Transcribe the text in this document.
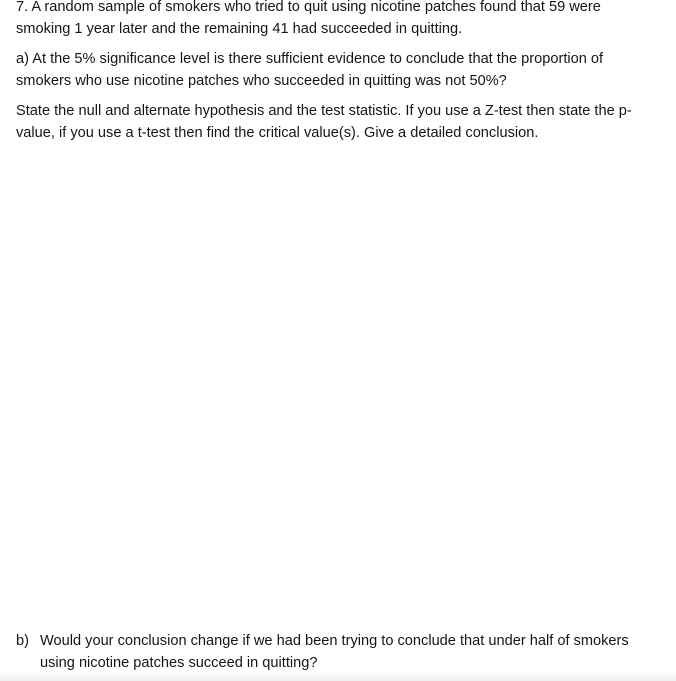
7. A random sample of smokers who tried to quit using nicotine patches found that 59 were smoking 1 year later and the remaining 41 had succeeded in quitting.

a) At the 5% significance level is there sufficient evidence to conclude that the proportion of smokers who use nicotine patches who succeeded in quitting was not 50%?

State the null and alternate hypothesis and the test statistic. If you use a Z-test then state the p-value, if you use a t-test then find the critical value(s). Give a detailed conclusion.

b) Would your conclusion change if we had been trying to conclude that under half of smokers using nicotine patches succeed in quitting?
